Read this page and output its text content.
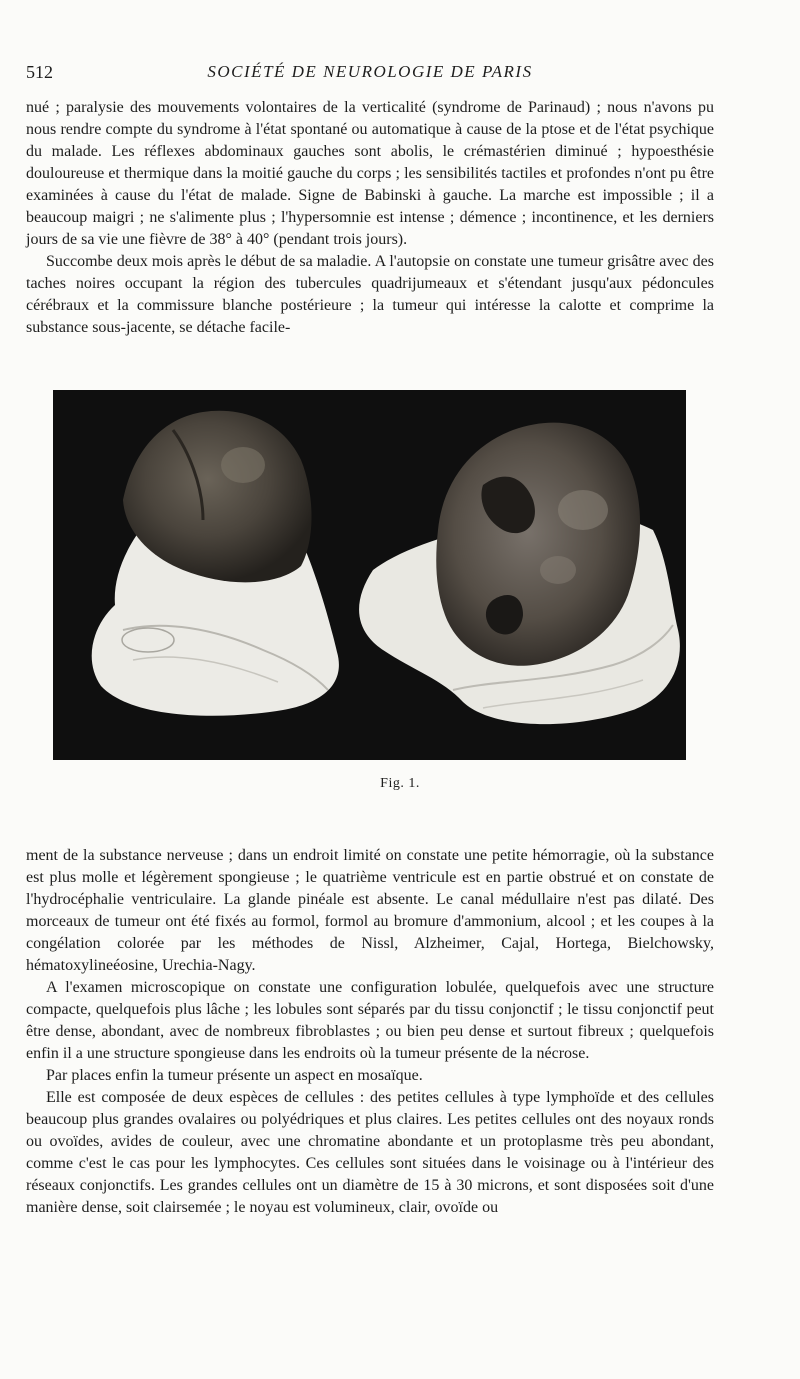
512	SOCIÉTÉ DE NEUROLOGIE DE PARIS

nué ; paralysie des mouvements volontaires de la verticalité (syndrome de Parinaud) ; nous n'avons pu nous rendre compte du syndrome à l'état spontané ou automatique à cause de la ptose et de l'état psychique du malade. Les réflexes abdominaux gauches sont abolis, le crémastérien diminué ; hypoesthésie douloureuse et thermique dans la moitié gauche du corps ; les sensibilités tactiles et profondes n'ont pu être examinées à cause du l'état de malade. Signe de Babinski à gauche. La marche est impossible ; il a beaucoup maigri ; ne s'alimente plus ; l'hypersomnie est intense ; démence ; incontinence, et les derniers jours de sa vie une fièvre de 38° à 40° (pendant trois jours).

Succombe deux mois après le début de sa maladie. A l'autopsie on constate une tumeur grisâtre avec des taches noires occupant la région des tubercules quadrijumeaux et s'étendant jusqu'aux pédoncules cérébraux et la commissure blanche postérieure ; la tumeur qui intéresse la calotte et comprime la substance sous-jacente, se détache facile-

Fig. 1.

ment de la substance nerveuse ; dans un endroit limité on constate une petite hémorragie, où la substance est plus molle et légèrement spongieuse ; le quatrième ventricule est en partie obstrué et on constate de l'hydrocéphalie ventriculaire. La glande pinéale est absente. Le canal médullaire n'est pas dilaté. Des morceaux de tumeur ont été fixés au formol, formol au bromure d'ammonium, alcool ; et les coupes à la congélation colorée par les méthodes de Nissl, Alzheimer, Cajal, Hortega, Bielchowsky, hématoxylineéosine, Urechia-Nagy.

A l'examen microscopique on constate une configuration lobulée, quelquefois avec une structure compacte, quelquefois plus lâche ; les lobules sont séparés par du tissu conjonctif ; le tissu conjonctif peut être dense, abondant, avec de nombreux fibroblastes ; ou bien peu dense et surtout fibreux ; quelquefois enfin il a une structure spongieuse dans les endroits où la tumeur présente de la nécrose.

Par places enfin la tumeur présente un aspect en mosaïque.

Elle est composée de deux espèces de cellules : des petites cellules à type lymphoïde et des cellules beaucoup plus grandes ovalaires ou polyédriques et plus claires. Les petites cellules ont des noyaux ronds ou ovoïdes, avides de couleur, avec une chromatine abondante et un protoplasme très peu abondant, comme c'est le cas pour les lymphocytes. Ces cellules sont situées dans le voisinage ou à l'intérieur des réseaux conjonctifs. Les grandes cellules ont un diamètre de 15 à 30 microns, et sont disposées soit d'une manière dense, soit clairsemée ; le noyau est volumineux, clair, ovoïde ou
